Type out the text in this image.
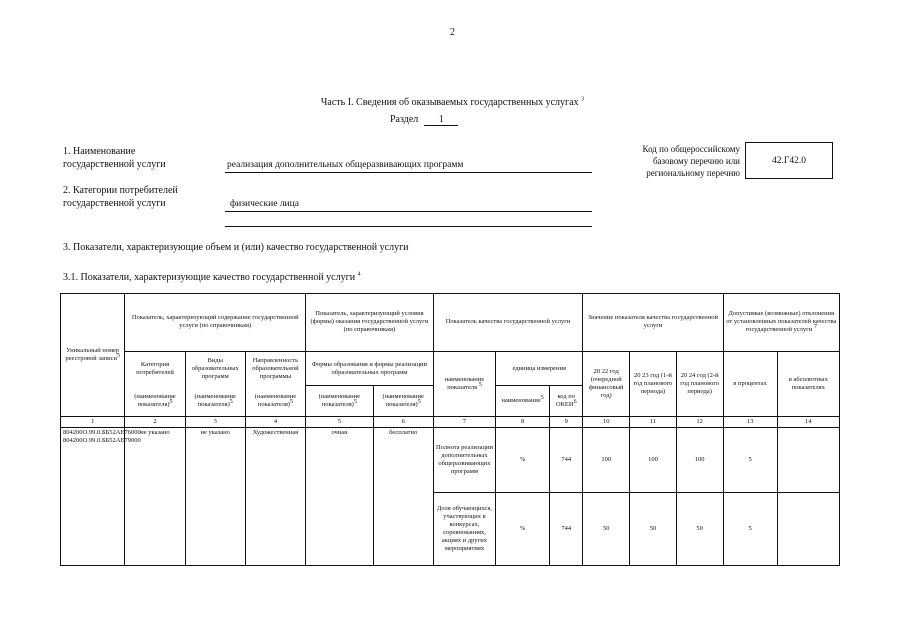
2
Часть I. Сведения об оказываемых государственных услугах $^3$
Раздел 1
1. Наименование
государственной услуги	реализация дополнительных общеразвивающих программ
2. Категории потребителей
государственной услуги	физические лица
Код по общероссийскому
базовому перечню или
региональному перечню
42.Г42.0
3. Показатели, характеризующие объем и (или) качество государственной услуги
3.1. Показатели, характеризующие качество государственной услуги $^4$
Уникальный номер реестровой записи$^5$	Показатель, характеризующий содержание государственной услуги (по справочникам)			Показатель, характеризующий условия (формы) оказания государственной услуги (по справочникам)		Показатель качества государственной услуги			Значение показателя качества государственной услуги			Допустимые (возможные) отклонения от установленных показателей качества государственной услуги $^7$
	Категория потребителей	Виды образовательных программ	Направленность образовательной программы	Формы образования и формы реализации образовательных программ		наименование показателя $^5$	единица измерения		20 22 год (очередной финансовый год)	20 23 год (1-й год планового периода)	20 24 год (2-й год планового периода)	в процентах	в абсолютных показателях
	(наименование показателя)$^5$	(наименование показателя)$^5$	(наименование показателя)$^5$	(наименование показателя)$^5$	(наименование показателя)$^5$		наименование$^5$	код по ОКЕИ$^6$
1	2	3	4	5	6	7	8	9	10	11	12	13	14
804200О.99.0.ББ52АЕ76000 804200О.99.0.ББ52АЕ79000	не указано	не указано	Художественная	очная	бесплатно	Полнота реализации дополнительных общеразвивающих программ	%	744	100	100	100	5	
						Доля обучающихся, участвующих в конкурсах, соревнованиях, акциях и других мероприятиях	%	744	50	50	50	5	
